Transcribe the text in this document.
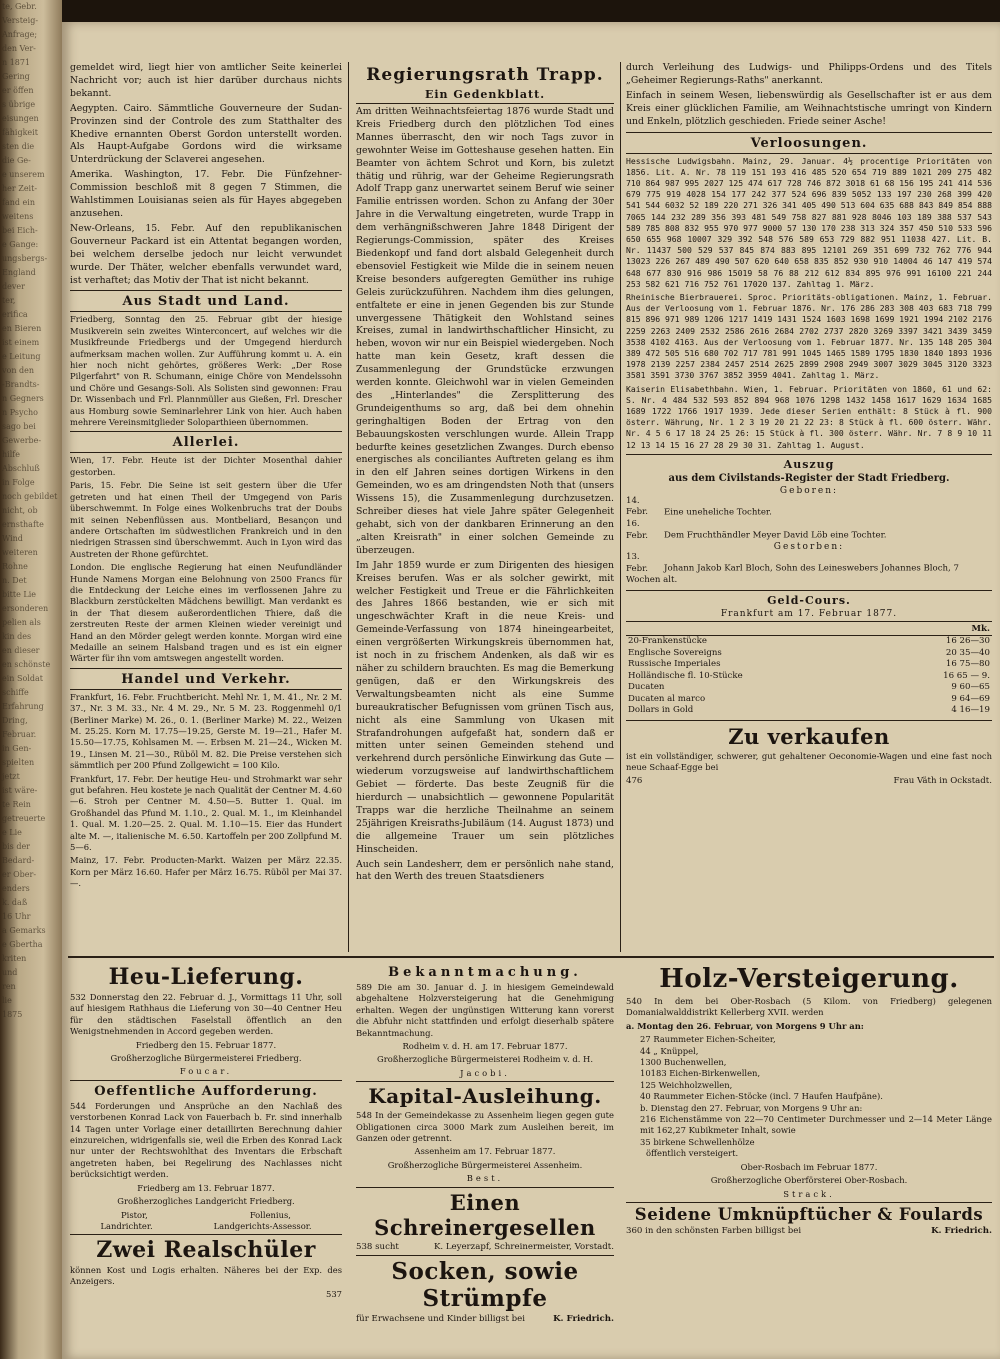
te, Gebr.
Versteig-
Anfrage;
den Ver-
n 1871
Gering
er öffen
s übrige
eisungen
fähigkeit
sten die
die Ge-
e unserem
her Zeit-
fand ein
weitens
bei Eich-
e Gange:
ungsbergs-
England
dever
ter,
erifica
en Bieren
ist einem
e Leitung
von den
-Brandts-
n Gegners
n Psycho
sago bei
Gewerbe-
hilfe
Abschluß
in Folge
noch gebildet
nicht, ob
ernsthafte
Wind
weiteren
Rohne
n. Det
bitte Lie
ersonderen
pelien als
kin des
en dieser
en schönste
ein Soldat
schiffe
Erfahrung
Dring,
Februar.
in Gen-
spielten
jetzt
ist wäre-
te Rein
getreuerte
e Lie
bis der
Bedard-
er Ober-
enders
k. daß
16 Uhr
a Gemarks
e Gbertha
kriten
und
ren
lie
1875

gemeldet wird, liegt hier von amtlicher Seite keinerlei Nachricht vor; auch ist hier darüber durchaus nichts bekannt.

Aegypten. Cairo. Sämmtliche Gouverneure der Sudan-Provinzen sind der Controle des zum Statthalter des Khedive ernannten Oberst Gordon unterstellt worden. Als Haupt-Aufgabe Gordons wird die wirksame Unterdrückung der Sclaverei angesehen.

Amerika. Washington, 17. Febr. Die Fünfzehner-Commission beschloß mit 8 gegen 7 Stimmen, die Wahlstimmen Louisianas seien als für Hayes abgegeben anzusehen.

New-Orleans, 15. Febr. Auf den republikanischen Gouverneur Packard ist ein Attentat begangen worden, bei welchem derselbe jedoch nur leicht verwundet wurde. Der Thäter, welcher ebenfalls verwundet ward, ist verhaftet; das Motiv der That ist nicht bekannt.

Aus Stadt und Land.

Friedberg, Sonntag den 25. Februar gibt der hiesige Musikverein sein zweites Winterconcert, auf welches wir die Musikfreunde Friedbergs und der Umgegend hierdurch aufmerksam machen wollen. Zur Aufführung kommt u. A. ein hier noch nicht gehörtes, größeres Werk: „Der Rose Pilgerfahrt" von R. Schumann, einige Chöre von Mendelssohn und Chöre und Gesangs-Soli. Als Solisten sind gewonnen: Frau Dr. Wissenbach und Frl. Plannmüller aus Gießen, Frl. Drescher aus Homburg sowie Seminarlehrer Link von hier. Auch haben mehrere Vereinsmitglieder Soloparthieen übernommen.

Allerlei.

Wien, 17. Febr. Heute ist der Dichter Mosenthal dahier gestorben.

Paris, 15. Febr. Die Seine ist seit gestern über die Ufer getreten und hat einen Theil der Umgegend von Paris überschwemmt. In Folge eines Wolkenbruchs trat der Doubs mit seinen Nebenflüssen aus. Montbeliard, Besançon und andere Ortschaften im südwestlichen Frankreich und in den niedrigen Strassen sind überschwemmt. Auch in Lyon wird das Austreten der Rhone gefürchtet.

London. Die englische Regierung hat einen Neufundländer Hunde Namens Morgan eine Belohnung von 2500 Francs für die Entdeckung der Leiche eines im verflossenen Jahre zu Blackburn zerstückelten Mädchens bewilligt. Man verdankt es in der That diesem außerordentlichen Thiere, daß die zerstreuten Reste der armen Kleinen wieder vereinigt und Hand an den Mörder gelegt werden konnte. Morgan wird eine Medaille an seinem Halsband tragen und es ist ein eigner Wärter für ihn vom amtswegen angestellt worden.

Handel und Verkehr.

Frankfurt, 16. Febr. Fruchtbericht. Mehl Nr. 1, M. 41., Nr. 2 M. 37., Nr. 3 M. 33., Nr. 4 M. 29., Nr. 5 M. 23. Roggenmehl 0/1 (Berliner Marke) M. 26., 0. 1. (Berliner Marke) M. 22., Weizen M. 25.25. Korn M. 17.75—19.25, Gerste M. 19—21., Hafer M. 15.50—17.75, Kohlsamen M. —. Erbsen M. 21—24., Wicken M. 19., Linsen M. 21—30., Rüböl M. 82. Die Preise verstehen sich sämmtlich per 200 Pfund Zollgewicht = 100 Kilo.

Frankfurt, 17. Febr. Der heutige Heu- und Strohmarkt war sehr gut befahren. Heu kostete je nach Qualität der Centner M. 4.60—6. Stroh per Centner M. 4.50—5. Butter 1. Qual. im Großhandel das Pfund M. 1.10., 2. Qual. M. 1., im Kleinhandel 1. Qual. M. 1.20—25. 2. Qual. M. 1.10—15. Eier das Hundert alte M. —, italienische M. 6.50. Kartoffeln per 200 Zollpfund M. 5—6.

Mainz, 17. Febr. Producten-Markt. Waizen per März 22.35. Korn per März 16.60. Hafer per März 16.75. Rüböl per Mai 37.—.

Regierungsrath Trapp.
Ein Gedenkblatt.

Am dritten Weihnachtsfeiertag 1876 wurde Stadt und Kreis Friedberg durch den plötzlichen Tod eines Mannes überrascht, den wir noch Tags zuvor in gewohnter Weise im Gotteshause gesehen hatten. Ein Beamter von ächtem Schrot und Korn, bis zuletzt thätig und rührig, war der Geheime Regierungsrath Adolf Trapp ganz unerwartet seinem Beruf wie seiner Familie entrissen worden. Schon zu Anfang der 30er Jahre in die Verwaltung eingetreten, wurde Trapp in dem verhängnißschweren Jahre 1848 Dirigent der Regierungs-Commission, später des Kreises Biedenkopf und fand dort alsbald Gelegenheit durch ebensoviel Festigkeit wie Milde die in seinem neuen Kreise besonders aufgeregten Gemüther ins ruhige Geleis zurückzuführen. Nachdem ihm dies gelungen, entfaltete er eine in jenen Gegenden bis zur Stunde unvergessene Thätigkeit den Wohlstand seines Kreises, zumal in landwirthschaftlicher Hinsicht, zu heben, wovon wir nur ein Beispiel wiedergeben. Noch hatte man kein Gesetz, kraft dessen die Zusammenlegung der Grundstücke erzwungen werden konnte. Gleichwohl war in vielen Gemeinden des „Hinterlandes" die Zersplitterung des Grundeigenthums so arg, daß bei dem ohnehin geringhaltigen Boden der Ertrag von den Bebauungskosten verschlungen wurde. Allein Trapp bedurfte keines gesetzlichen Zwanges. Durch ebenso energisches als conciliantes Auftreten gelang es ihm in den elf Jahren seines dortigen Wirkens in den Gemeinden, wo es am dringendsten Noth that (unsers Wissens 15), die Zusammenlegung durchzusetzen. Schreiber dieses hat viele Jahre später Gelegenheit gehabt, sich von der dankbaren Erinnerung an den „alten Kreisrath" in einer solchen Gemeinde zu überzeugen.

Im Jahr 1859 wurde er zum Dirigenten des hiesigen Kreises berufen. Was er als solcher gewirkt, mit welcher Festigkeit und Treue er die Fährlichkeiten des Jahres 1866 bestanden, wie er sich mit ungeschwächter Kraft in die neue Kreis- und Gemeinde-Verfassung von 1874 hineingearbeitet, einen vergrößerten Wirkungskreis übernommen hat, ist noch in zu frischem Andenken, als daß wir es näher zu schildern brauchten. Es mag die Bemerkung genügen, daß er den Wirkungskreis des Verwaltungsbeamten nicht als eine Summe bureaukratischer Befugnissen vom grünen Tisch aus, nicht als eine Sammlung von Ukasen mit Strafandrohungen aufgefaßt hat, sondern daß er mitten unter seinen Gemeinden stehend und verkehrend durch persönliche Einwirkung das Gute — wiederum vorzugsweise auf landwirthschaftlichem Gebiet — förderte. Das beste Zeugniß für die hierdurch — unabsichtlich — gewonnene Popularität Trapps war die herzliche Theilnahme an seinem 25jährigen Kreisraths-Jubiläum (14. August 1873) und die allgemeine Trauer um sein plötzliches Hinscheiden.

Auch sein Landesherr, dem er persönlich nahe stand, hat den Werth des treuen Staatsdieners

durch Verleihung des Ludwigs- und Philipps-Ordens und des Titels „Geheimer Regierungs-Raths" anerkannt.

Einfach in seinem Wesen, liebenswürdig als Gesellschafter ist er aus dem Kreis einer glücklichen Familie, am Weihnachtstische umringt von Kindern und Enkeln, plötzlich geschieden. Friede seiner Asche!

Verloosungen.

Hessische Ludwigsbahn. Mainz, 29. Januar. 4½ procentige Prioritäten von 1856. Lit. A. Nr. 78 119 151 193 416 485 520 654 719 889 1021 209 275 482 710 864 987 995 2027 125 474 617 728 746 872 3018 61 68 156 195 241 414 536 679 775 919 4028 154 177 242 377 524 696 839 5052 133 197 230 268 399 420 541 544 6032 52 189 220 271 326 341 405 490 513 604 635 688 843 849 854 888 7065 144 232 289 356 393 481 549 758 827 881 928 8046 103 189 388 537 543 589 785 808 832 955 970 977 9000 57 130 170 238 313 324 357 450 510 533 596 650 655 968 10007 329 392 548 576 589 653 729 882 951 11038 427. Lit. B. Nr. 11437 500 529 537 845 874 883 895 12101 269 351 699 732 762 776 944 13023 226 267 489 490 507 620 640 658 835 852 930 910 14004 46 147 419 574 648 677 830 916 986 15019 58 76 88 212 612 834 895 976 991 16100 221 244 253 582 621 716 752 761 17020 137. Zahltag 1. März.

Rheinische Bierbrauerei. Sproc. Prioritäts-obligationen. Mainz, 1. Februar. Aus der Verloosung vom 1. Februar 1876. Nr. 176 286 283 308 403 683 718 799 815 896 971 989 1206 1217 1419 1431 1524 1603 1698 1699 1921 1994 2102 2176 2259 2263 2409 2532 2586 2616 2684 2702 2737 2820 3269 3397 3421 3439 3459 3538 4102 4163. Aus der Verloosung vom 1. Februar 1877. Nr. 135 148 205 304 389 472 505 516 680 702 717 781 991 1045 1465 1589 1795 1830 1840 1893 1936 1978 2139 2257 2384 2457 2514 2625 2899 2908 2949 3007 3029 3045 3120 3323 3581 3591 3730 3767 3852 3959 4041. Zahltag 1. März.

Kaiserin Elisabethbahn. Wien, 1. Februar. Prioritäten von 1860, 61 und 62: S. Nr. 4 484 532 593 852 894 968 1076 1298 1432 1458 1617 1629 1634 1685 1689 1722 1766 1917 1939. Jede dieser Serien enthält: 8 Stück à fl. 900 österr. Währung, Nr. 1 2 3 19 20 21 22 23: 8 Stück à fl. 600 österr. Währ. Nr. 4 5 6 17 18 24 25 26: 15 Stück à fl. 300 österr. Währ. Nr. 7 8 9 10 11 12 13 14 15 16 27 28 29 30 31. Zahltag 1. August.

Auszug
aus dem Civilstands-Register der Stadt Friedberg.
Geboren:

14. Febr. Eine uneheliche Tochter.

16. Febr. Dem Fruchthändler Meyer David Löb eine Tochter.

Gestorben:

13. Febr. Johann Jakob Karl Bloch, Sohn des Leineswebers Johannes Bloch, 7 Wochen alt.

Geld-Cours.
Frankfurt am 17. Februar 1877.
	Mk.
20-Frankenstücke	16 26—30
Englische Sovereigns	20 35—40
Russische Imperiales	16 75—80
Holländische fl. 10-Stücke	16 65 — 9.
Ducaten	9 60—65
Ducaten al marco	9 64—69
Dollars in Gold	4 16—19
Zu verkaufen

ist ein vollständiger, schwerer, gut gehaltener Oeconomie-Wagen und eine fast noch neue Schaaf-Egge bei

476	Frau Väth in Ockstadt.
Heu-Lieferung.

532 Donnerstag den 22. Februar d. J., Vormittags 11 Uhr, soll auf hiesigem Rathhaus die Lieferung von 30—40 Centner Heu für den städtischen Faselstall öffentlich an den Wenigstnehmenden in Accord gegeben werden.

Friedberg den 15. Februar 1877.

Großherzogliche Bürgermeisterei Friedberg.

Foucar.

Oeffentliche Aufforderung.

544 Forderungen und Ansprüche an den Nachlaß des verstorbenen Konrad Lack von Fauerbach b. Fr. sind innerhalb 14 Tagen unter Vorlage einer detaillirten Berechnung dahier einzureichen, widrigenfalls sie, weil die Erben des Konrad Lack nur unter der Rechtswohlthat des Inventars die Erbschaft angetreten haben, bei Regelirung des Nachlasses nicht berücksichtigt werden.

Friedberg am 13. Februar 1877.

Großherzogliches Landgericht Friedberg.

Pistor,	Follenius,
Landrichter.	Landgerichts-Assessor.
Zwei Realschüler

können Kost und Logis erhalten. Näheres bei der Exp. des Anzeigers.

537

Bekanntmachung.

589 Die am 30. Januar d. J. in hiesigem Gemeindewald abgehaltene Holzversteigerung hat die Genehmigung erhalten. Wegen der ungünstigen Witterung kann vorerst die Abfuhr nicht stattfinden und erfolgt dieserhalb spätere Bekanntmachung.

Rodheim v. d. H. am 17. Februar 1877.

Großherzogliche Bürgermeisterei Rodheim v. d. H.

Jacobi.

Kapital-Ausleihung.

548 In der Gemeindekasse zu Assenheim liegen gegen gute Obligationen circa 3000 Mark zum Ausleihen bereit, im Ganzen oder getrennt.

Assenheim am 17. Februar 1877.

Großherzogliche Bürgermeisterei Assenheim.

Best.

Einen Schreinergesellen
538 sucht	K. Leyerzapf, Schreinermeister, Vorstadt.
Socken, sowie Strümpfe
für Erwachsene und Kinder billigst bei	K. Friedrich.
Holz-Versteigerung.

540 In dem bei Ober-Rosbach (5 Kilom. von Friedberg) gelegenen Domanialwalddistrikt Kellerberg XVII. werden

a. Montag den 26. Februar, von Morgens 9 Uhr an:

27 Raummeter Eichen-Scheiter,

44 „ Knüppel,

1300 Buchenwellen,

10183 Eichen-Birkenwellen,

125 Weichholzwellen,

40 Raummeter Eichen-Stöcke (incl. 7 Haufen Haufpäne).

b. Dienstag den 27. Februar, von Morgens 9 Uhr an:

216 Eichenstämme von 22—70 Centimeter Durchmesser und 2—14 Meter Länge mit 162,27 Kubikmeter Inhalt, sowie

35 birkene Schwellenhölze

öffentlich versteigert.

Ober-Rosbach im Februar 1877.

Großherzogliche Oberförsterei Ober-Rosbach.

Strack.

Seidene Umknüpftücher & Foulards
360 in den schönsten Farben billigst bei	K. Friedrich.
